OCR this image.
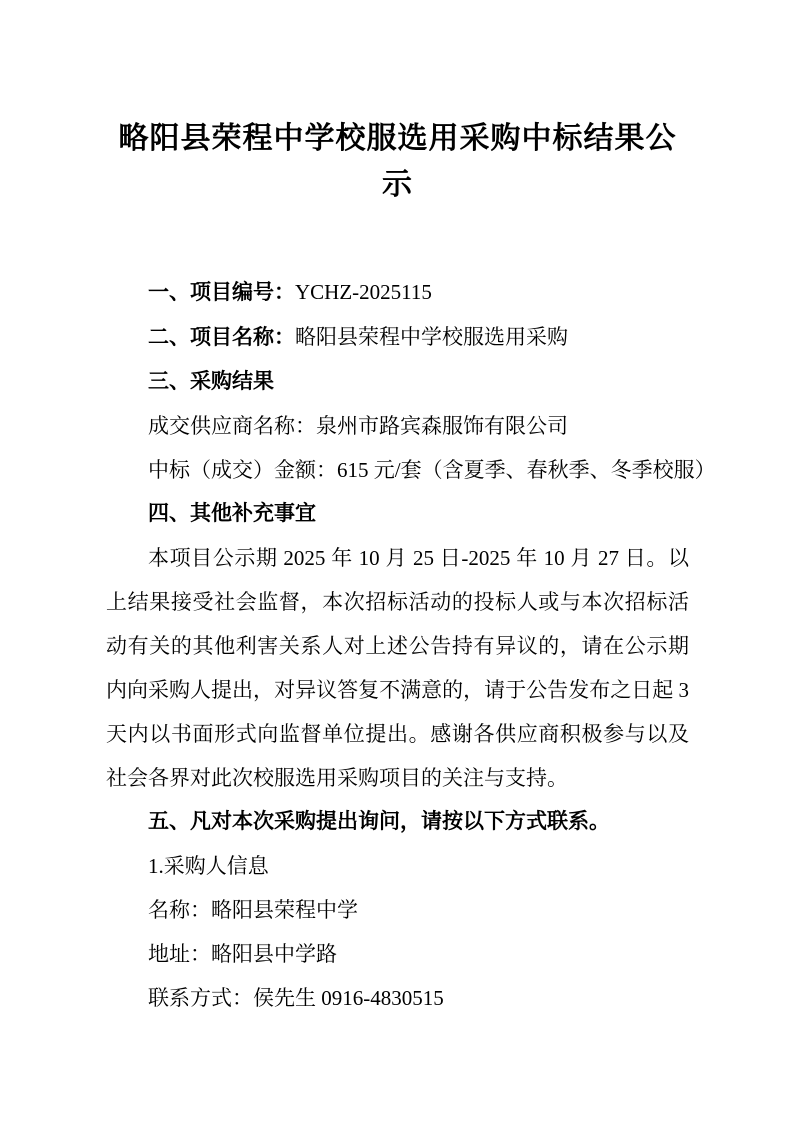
略阳县荣程中学校服选用采购中标结果公示

一、项目编号：YCHZ-2025115

二、项目名称：略阳县荣程中学校服选用采购

三、采购结果

成交供应商名称：泉州市路宾森服饰有限公司

中标（成交）金额：615 元/套（含夏季、春秋季、冬季校服）

四、其他补充事宜

本项目公示期 2025 年 10 月 25 日-2025 年 10 月 27 日。以上结果接受社会监督，本次招标活动的投标人或与本次招标活动有关的其他利害关系人对上述公告持有异议的，请在公示期内向采购人提出，对异议答复不满意的，请于公告发布之日起 3 天内以书面形式向监督单位提出。感谢各供应商积极参与以及社会各界对此次校服选用采购项目的关注与支持。

五、凡对本次采购提出询问，请按以下方式联系。

1.采购人信息

名称：略阳县荣程中学

地址：略阳县中学路

联系方式：侯先生 0916-4830515
